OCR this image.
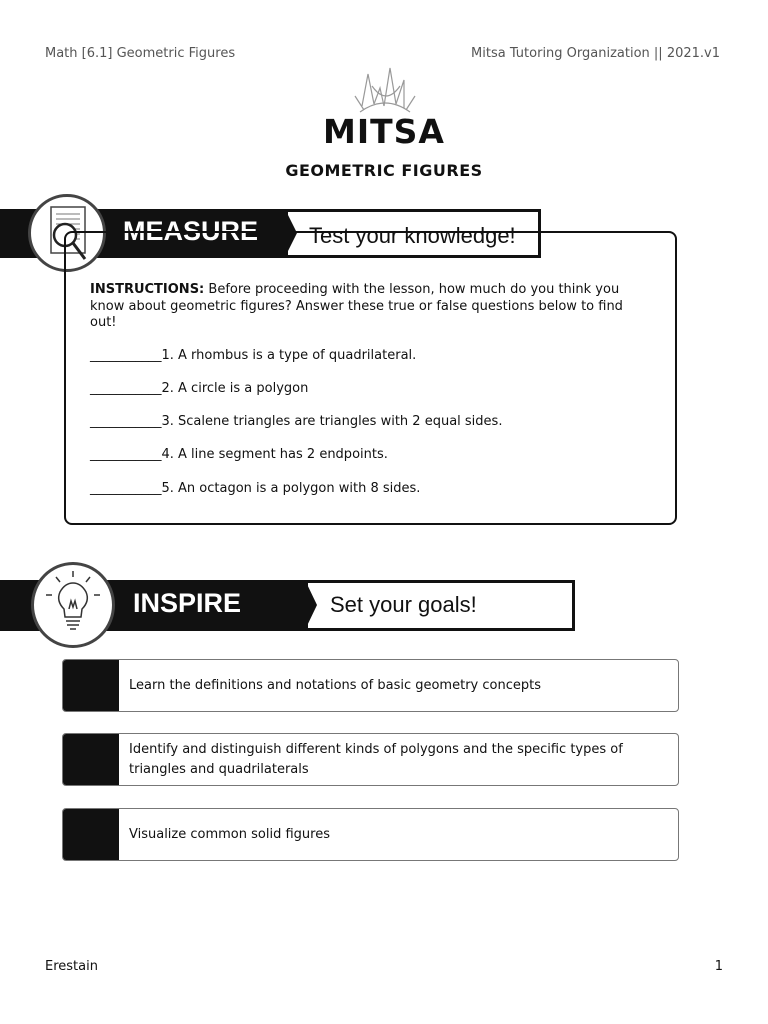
Math [6.1] Geometric Figures	Mitsa Tutoring Organization || 2021.v1
MITSA
GEOMETRIC FIGURES
MEASURE Test your knowledge!
INSTRUCTIONS: Before proceeding with the lesson, how much do you think you know about geometric figures? Answer these true or false questions below to find out!
___________1. A rhombus is a type of quadrilateral.
___________2. A circle is a polygon
___________3. Scalene triangles are triangles with 2 equal sides.
___________4. A line segment has 2 endpoints.
___________5. An octagon is a polygon with 8 sides.
INSPIRE	Set your goals!
Learn the definitions and notations of basic geometry concepts
Identify and distinguish different kinds of polygons and the specific types of triangles and quadrilaterals
Visualize common solid figures
Erestain	1
